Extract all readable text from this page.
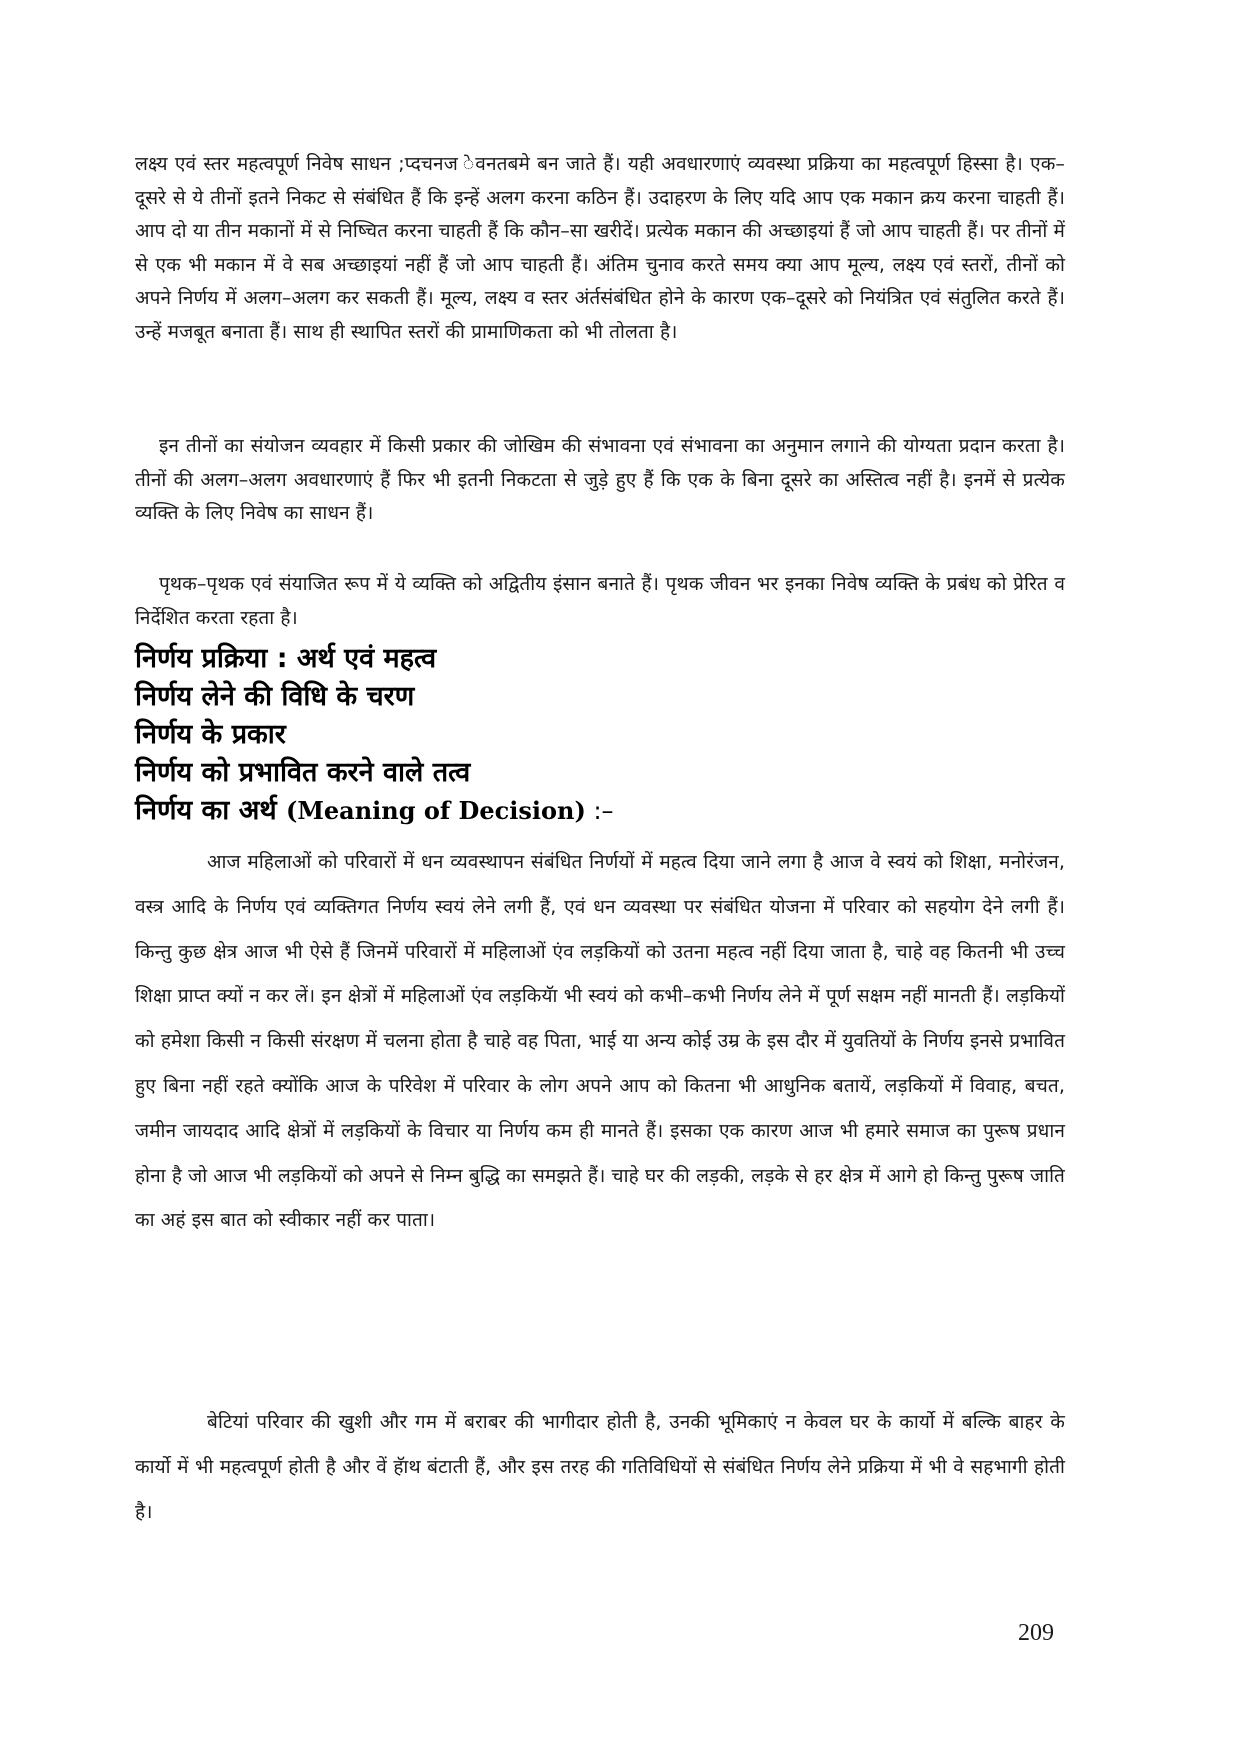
लक्ष्य एवं स्तर महत्वपूर्ण निवेष साधन ;प्दचनज ेवनतबमे बन जाते हैं। यही अवधारणाएं व्यवस्था प्रक्रिया का महत्वपूर्ण हिस्सा है। एक–दूसरे से ये तीनों इतने निकट से संबंधित हैं कि इन्हें अलग करना कठिन हैं। उदाहरण के लिए यदि आप एक मकान क्रय करना चाहती हैं। आप दो या तीन मकानों में से निष्चित करना चाहती हैं कि कौन–सा खरीदें। प्रत्येक मकान की अच्छाइयां हैं जो आप चाहती हैं। पर तीनों में से एक भी मकान में वे सब अच्छाइयां नहीं हैं जो आप चाहती हैं। अंतिम चुनाव करते समय क्या आप मूल्य, लक्ष्य एवं स्तरों, तीनों को अपने निर्णय में अलग–अलग कर सकती हैं। मूल्य, लक्ष्य व स्तर अंर्तसंबंधित होने के कारण एक–दूसरे को नियंत्रित एवं संतुलित करते हैं। उन्हें मजबूत बनाता हैं। साथ ही स्थापित स्तरों की प्रामाणिकता को भी तोलता है।

इन तीनों का संयोजन व्यवहार में किसी प्रकार की जोखिम की संभावना एवं संभावना का अनुमान लगाने की योग्यता प्रदान करता है। तीनों की अलग–अलग अवधारणाएं हैं फिर भी इतनी निकटता से जुड़े हुए हैं कि एक के बिना दूसरे का अस्तित्व नहीं है। इनमें से प्रत्येक व्यक्ति के लिए निवेष का साधन हैं।

पृथक–पृथक एवं संयाजित रूप में ये व्यक्ति को अद्वितीय इंसान बनाते हैं। पृथक जीवन भर इनका निवेष व्यक्ति के प्रबंध को प्रेरित व निर्देशित करता रहता है।

निर्णय प्रक्रिया : अर्थ एवं महत्व
निर्णय लेने की विधि के चरण
निर्णय के प्रकार
निर्णय को प्रभावित करने वाले तत्व
निर्णय का अर्थ (Meaning of Decision) :–

आज महिलाओं को परिवारों में धन व्यवस्थापन संबंधित निर्णयों में महत्व दिया जाने लगा है आज वे स्वयं को शिक्षा, मनोरंजन, वस्त्र आदि के निर्णय एवं व्यक्तिगत निर्णय स्वयं लेने लगी हैं, एवं धन व्यवस्था पर संबंधित योजना में परिवार को सहयोग देने लगी हैं। किन्तु कुछ क्षेत्र आज भी ऐसे हैं जिनमें परिवारों में महिलाओं एंव लड़कियों को उतना महत्व नहीं दिया जाता है, चाहे वह कितनी भी उच्च शिक्षा प्राप्त क्यों न कर लें। इन क्षेत्रों में महिलाओं एंव लड़कियॅा भी स्वयं को कभी–कभी निर्णय लेने में पूर्ण सक्षम नहीं मानती हैं। लड़कियों को हमेशा किसी न किसी संरक्षण में चलना होता है चाहे वह पिता, भाई या अन्य कोई उम्र के इस दौर में युवतियों के निर्णय इनसे प्रभावित हुए बिना नहीं रहते क्योंकि आज के परिवेश में परिवार के लोग अपने आप को कितना भी आधुनिक बतायें, लड़कियों में विवाह, बचत, जमीन जायदाद आदि क्षेत्रों में लड़कियों के विचार या निर्णय कम ही मानते हैं। इसका एक कारण आज भी हमारे समाज का पुरूष प्रधान होना है जो आज भी लड़कियों को अपने से निम्न बुद्धि का समझते हैं। चाहे घर की लड़की, लड़के से हर क्षेत्र में आगे हो किन्तु पुरूष जाति का अहं इस बात को स्वीकार नहीं कर पाता।

बेटियां परिवार की खुशी और गम में बराबर की भागीदार होती है, उनकी भूमिकाएं न केवल घर के कार्यो में बल्कि बाहर के कार्यो में भी महत्वपूर्ण होती है और वें हॅाथ बंटाती हैं, और इस तरह की गतिविधियों से संबंधित निर्णय लेने प्रक्रिया में भी वे सहभागी होती है।

209
